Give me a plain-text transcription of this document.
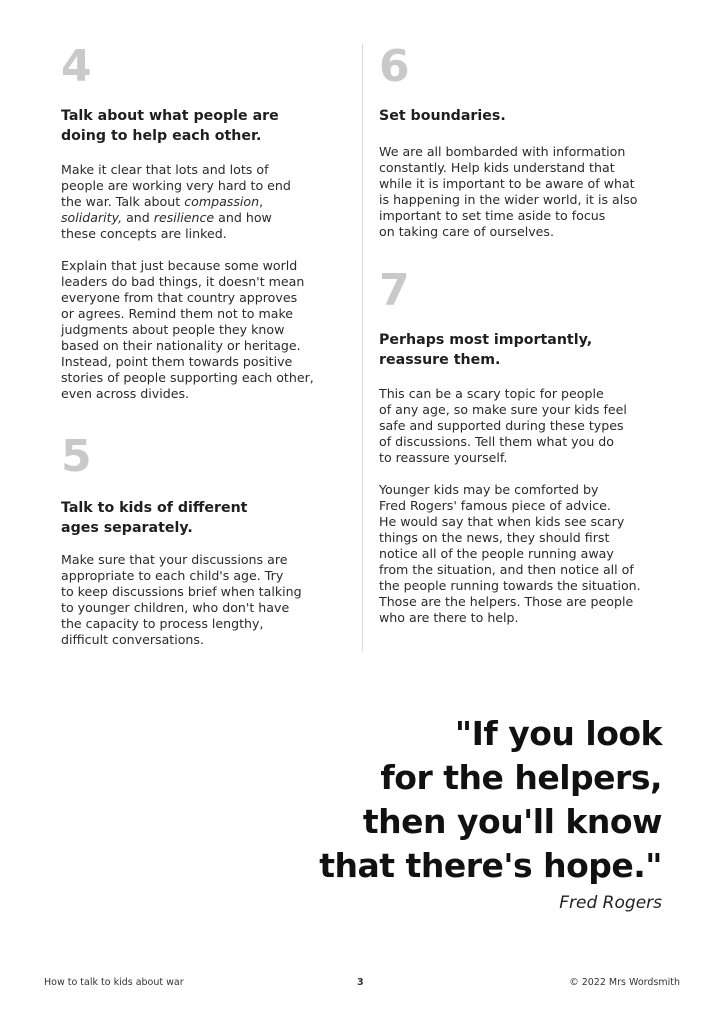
4
Talk about what people are
doing to help each other.

Make it clear that lots and lots of
people are working very hard to end
the war. Talk about compassion,
solidarity, and resilience and how
these concepts are linked.

Explain that just because some world
leaders do bad things, it doesn't mean
everyone from that country approves
or agrees. Remind them not to make
judgments about people they know
based on their nationality or heritage.
Instead, point them towards positive
stories of people supporting each other,
even across divides.

5
Talk to kids of different
ages separately.

Make sure that your discussions are
appropriate to each child's age. Try
to keep discussions brief when talking
to younger children, who don't have
the capacity to process lengthy,
difficult conversations.

6
Set boundaries.

We are all bombarded with information
constantly. Help kids understand that
while it is important to be aware of what
is happening in the wider world, it is also
important to set time aside to focus
on taking care of ourselves.

7
Perhaps most importantly,
reassure them.

This can be a scary topic for people
of any age, so make sure your kids feel
safe and supported during these types
of discussions. Tell them what you do
to reassure yourself.

Younger kids may be comforted by
Fred Rogers' famous piece of advice.
He would say that when kids see scary
things on the news, they should first
notice all of the people running away
from the situation, and then notice all of
the people running towards the situation.
Those are the helpers. Those are people
who are there to help.

"If you look
for the helpers,
then you'll know
that there's hope."
Fred Rogers
How to talk to kids about war	3	© 2022 Mrs Wordsmith
